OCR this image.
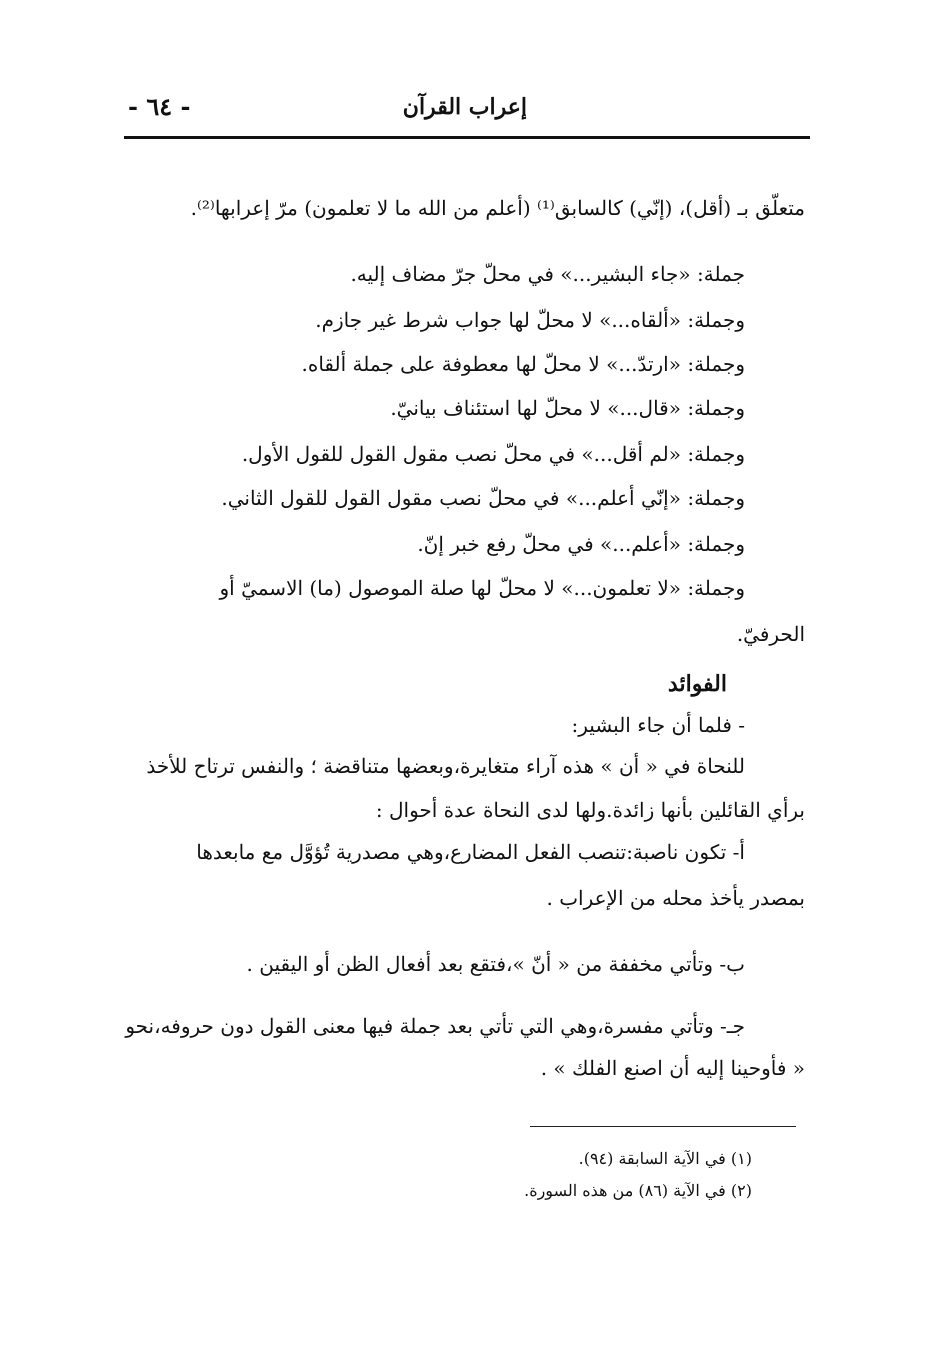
إعراب القرآن
- ٦٤ -
متعلّق بـ (أقل)، (إنّي) كالسابق⁽¹⁾ (أعلم من الله ما لا تعلمون) مرّ إعرابها⁽²⁾.
جملة: «جاء البشير...» في محلّ جرّ مضاف إليه.
وجملة: «ألقاه...» لا محلّ لها جواب شرط غير جازم.
وجملة: «ارتدّ...» لا محلّ لها معطوفة على جملة ألقاه.
وجملة: «قال...» لا محلّ لها استئناف بيانيّ.
وجملة: «لم أقل...» في محلّ نصب مقول القول للقول الأول.
وجملة: «إنّي أعلم...» في محلّ نصب مقول القول للقول الثاني.
وجملة: «أعلم...» في محلّ رفع خبر إنّ.
وجملة: «لا تعلمون...» لا محلّ لها صلة الموصول (ما) الاسميّ أو
الحرفيّ.
الفوائد
- فلما أن جاء البشير:
للنحاة في « أن » هذه آراء متغايرة،وبعضها متناقضة ؛ والنفس ترتاح للأخذ
برأي القائلين بأنها زائدة.ولها لدى النحاة عدة أحوال :
أ- تكون ناصبة:تنصب الفعل المضارع،وهي مصدرية تُؤوَّل مع مابعدها
بمصدر يأخذ محله من الإعراب .
ب- وتأتي مخففة من « أنّ »،فتقع بعد أفعال الظن أو اليقين .
جـ- وتأتي مفسرة،وهي التي تأتي بعد جملة فيها معنى القول دون حروفه،نحو
« فأوحينا إليه أن اصنع الفلك » .
(١) في الآية السابقة (٩٤).
(٢) في الآية (٨٦) من هذه السورة.
